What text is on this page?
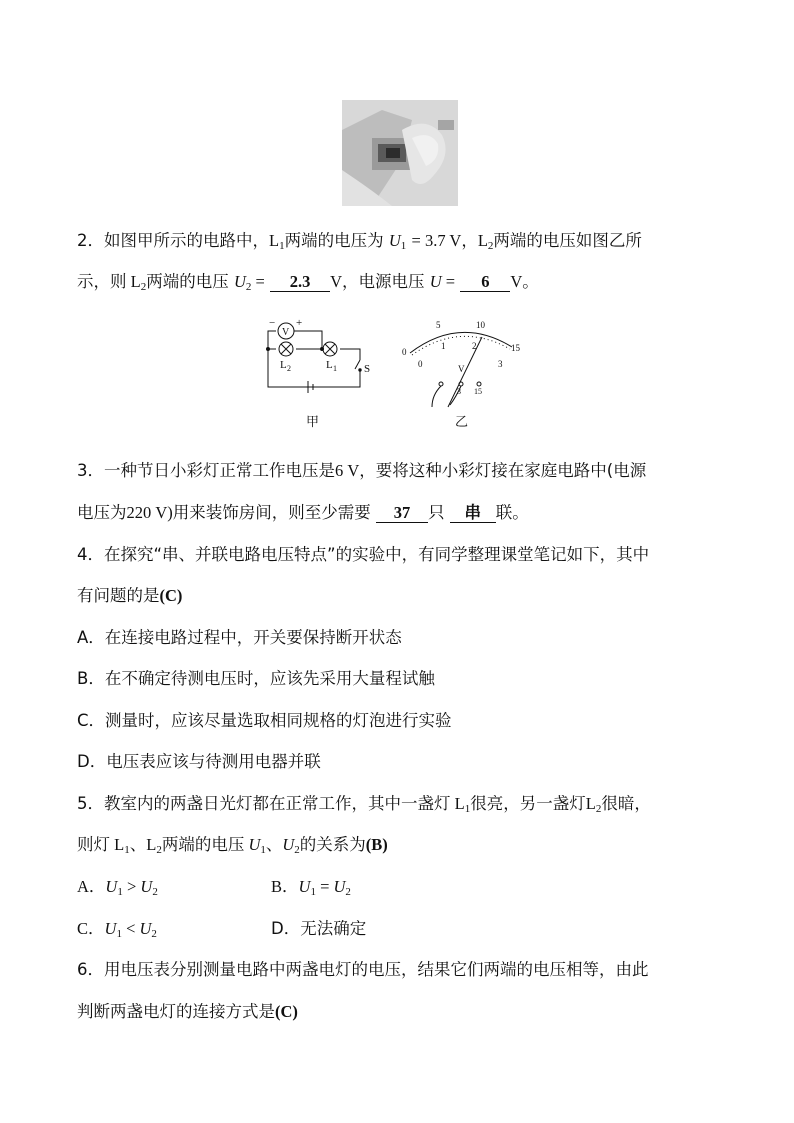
2．如图甲所示的电路中，$L_1$两端的电压为 $U_1 = 3.7$ V，$L_2$两端的电压如图乙所
示，则 $L_2$两端的电压 $U_2 = 2.3$ V，电源电压 U = 6 V。
V
− +
L 2	L 1 S
0
5	10
15
0
1	2
3
V
3 15
甲	乙
3．一种节日小彩灯正常工作电压是6 V，要将这种小彩灯接在家庭电路中(电源
电压为220 V)用来装饰房间，则至少需要 37 只 串 联。
4．在探究“串、并联电路电压特点”的实验中，有同学整理课堂笔记如下，其中
有问题的是(C)
A．在连接电路过程中，开关要保持断开状态
B．在不确定待测电压时，应该先采用大量程试触
C．测量时，应该尽量选取相同规格的灯泡进行实验
D．电压表应该与待测用电器并联
5．教室内的两盏日光灯都在正常工作，其中一盏灯 $L_1$很亮，另一盏灯$L_2$很暗，
则灯 $L_1$、$L_2$两端的电压 $U_1$、$U_2$的关系为(B)
A．$U_1 > U_2$	B．$U_1 = U_2$
C．$U_1 < U_2$	D．无法确定
6．用电压表分别测量电路中两盏电灯的电压，结果它们两端的电压相等，由此
判断两盏电灯的连接方式是(C)
